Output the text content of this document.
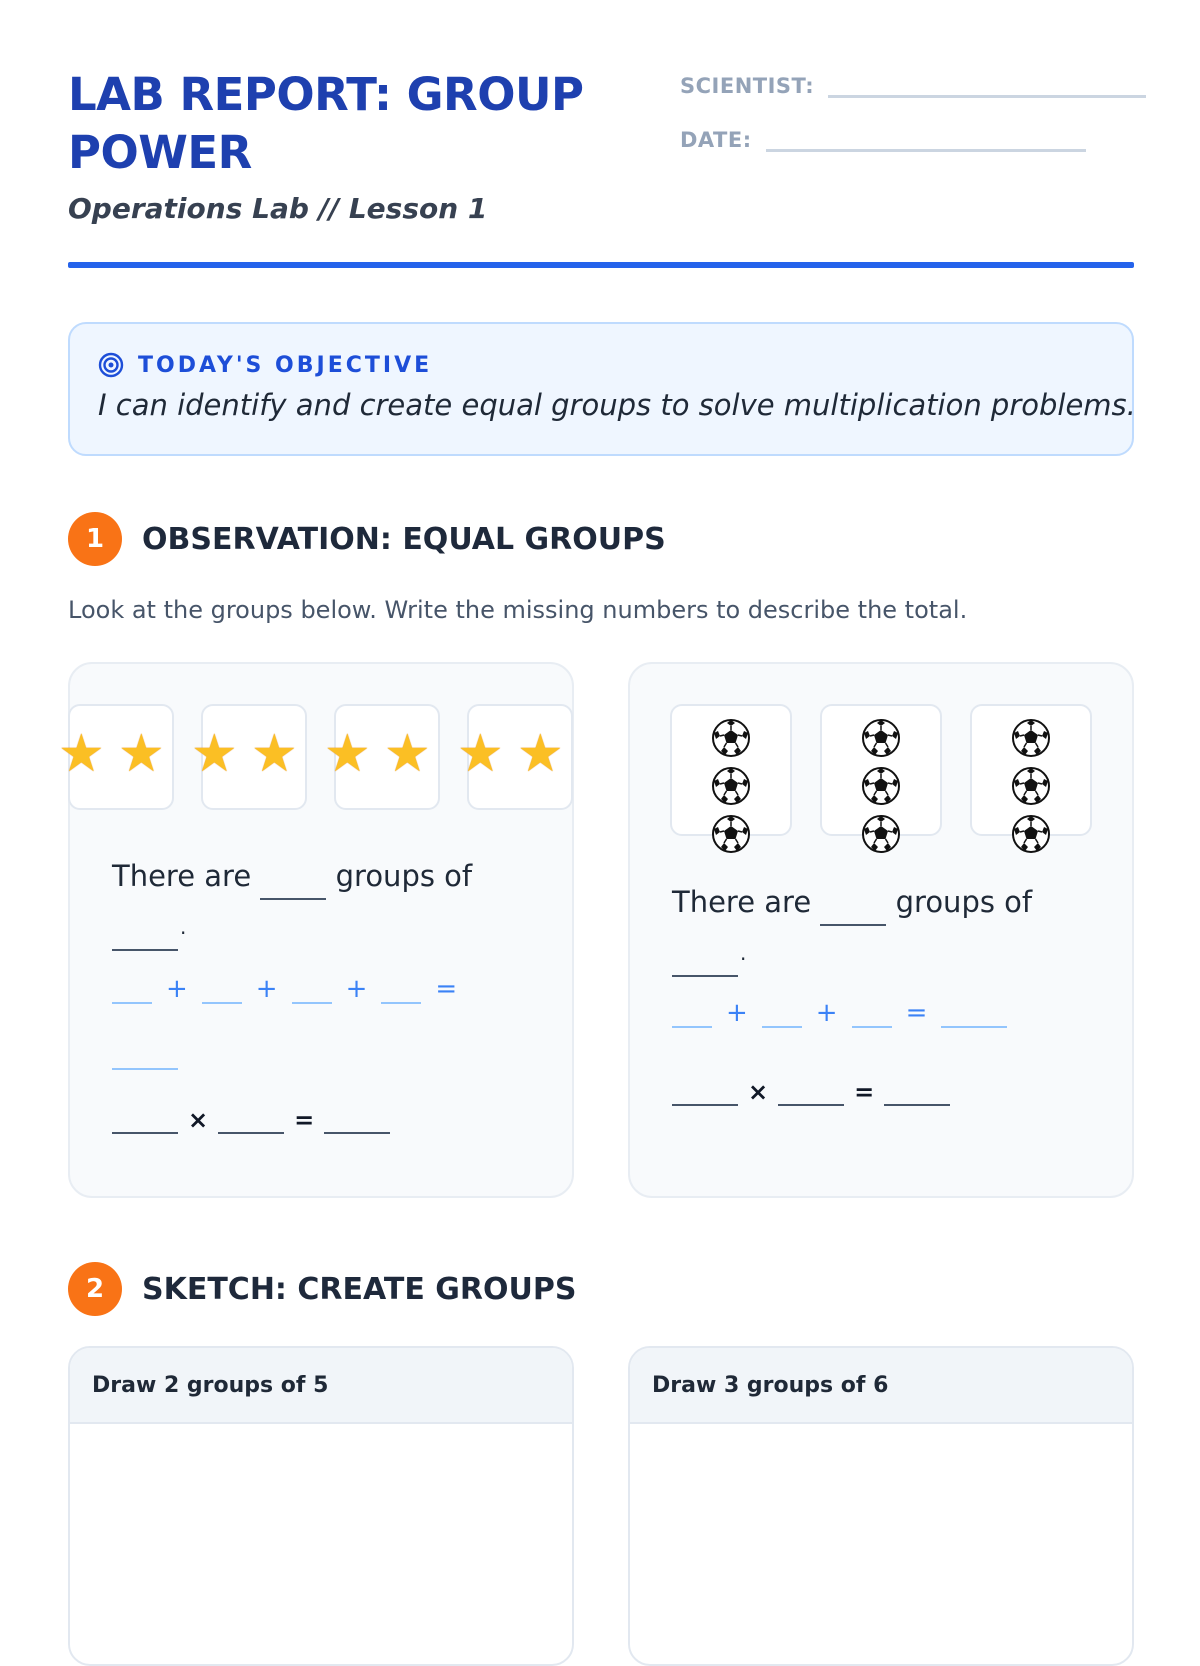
LAB REPORT: GROUP POWER

Operations Lab // Lesson 1

SCIENTIST:
DATE:
TODAY'S OBJECTIVE
I can identify and create equal groups to solve multiplication problems.
1	OBSERVATION: EQUAL GROUPS
Look at the groups below. Write the missing numbers to describe the total.
★ ★ ★ ★ ★ ★ ★ ★
There are	groups of
.
+	+	+	=
×	=
There are	groups of
.
+	+	=
×	=
2	SKETCH: CREATE GROUPS
Draw 2 groups of 5	Draw 3 groups of 6
